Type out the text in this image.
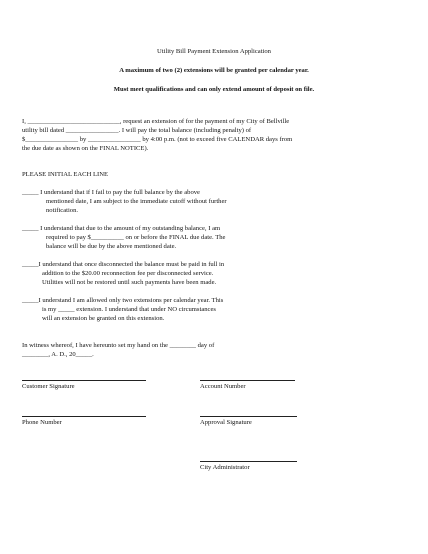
Utility Bill Payment Extension Application
A maximum of two (2) extensions will be granted per calendar year.
Must meet qualifications and can only extend amount of deposit on file.
I, ____________________________, request an extension of for the payment of my City of Bellville
utility bill dated ________________. I will pay the total balance (including penalty) of
$________________ by ________________ by 4:00 p.m. (not to exceed five CALENDAR days from
the due date as shown on the FINAL NOTICE).
PLEASE INITIAL EACH LINE
_____ I understand that if I fail to pay the full balance by the above
mentioned date, I am subject to the immediate cutoff without further
notification.
_____ I understand that due to the amount of my outstanding balance, I am
required to pay $__________ on or before the FINAL due date. The
balance will be due by the above mentioned date.
_____I understand that once disconnected the balance must be paid in full in
addition to the $20.00 reconnection fee per disconnected service.
Utilities will not be restored until such payments have been made.
_____I understand I am allowed only two extensions per calendar year. This
is my _____ extension. I understand that under NO circumstances
will an extension be granted on this extension.
In witness whereof, I have hereunto set my hand on the ________ day of
________, A. D., 20_____.
Customer Signature	Account Number
Phone Number	Approval Signature
City Administrator
